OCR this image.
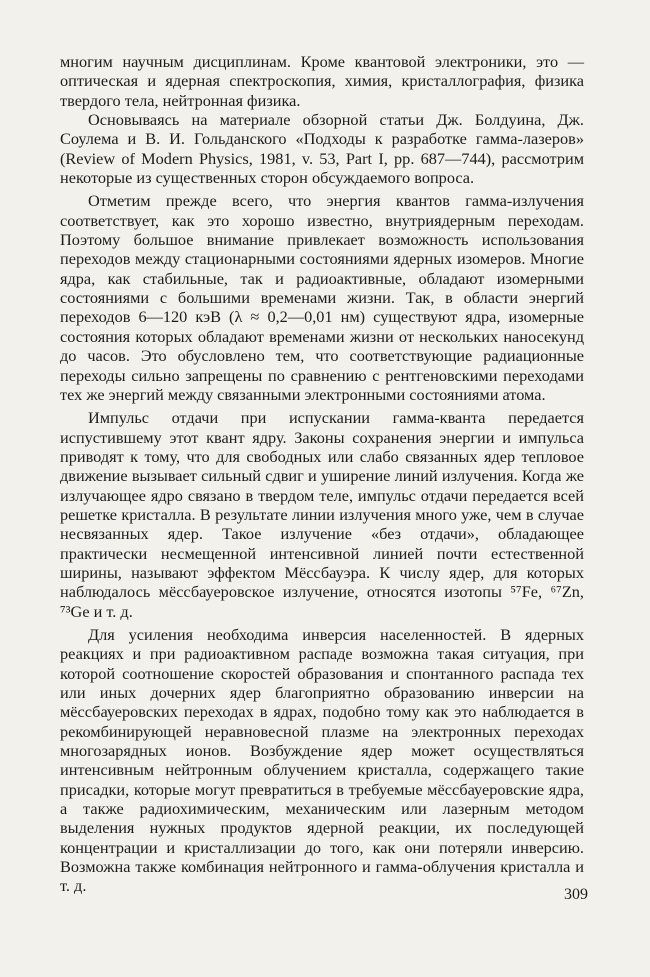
многим научным дисциплинам. Кроме квантовой электроники, это — оптическая и ядерная спектроскопия, химия, кристаллография, физика твердого тела, нейтронная физика.

Основываясь на материале обзорной статьи Дж. Болдуина, Дж. Соулема и В. И. Гольданского «Подходы к разработке гамма-лазеров» (Review of Modern Physics, 1981, v. 53, Part I, pp. 687—744), рассмотрим некоторые из существенных сторон обсуждаемого вопроса.

Отметим прежде всего, что энергия квантов гамма-излучения соответствует, как это хорошо известно, внутриядерным переходам. Поэтому большое внимание привлекает возможность использования переходов между стационарными состояниями ядерных изомеров. Многие ядра, как стабильные, так и радиоактивные, обладают изомерными состояниями с большими временами жизни. Так, в области энергий переходов 6—120 кэВ (λ ≈ 0,2—0,01 нм) существуют ядра, изомерные состояния которых обладают временами жизни от нескольких наносекунд до часов. Это обусловлено тем, что соответствующие радиационные переходы сильно запрещены по сравнению с рентгеновскими переходами тех же энергий между связанными электронными состояниями атома.

Импульс отдачи при испускании гамма-кванта передается испустившему этот квант ядру. Законы сохранения энергии и импульса приводят к тому, что для свободных или слабо связанных ядер тепловое движение вызывает сильный сдвиг и уширение линий излучения. Когда же излучающее ядро связано в твердом теле, импульс отдачи передается всей решетке кристалла. В результате линии излучения много уже, чем в случае несвязанных ядер. Такое излучение «без отдачи», обладающее практически несмещенной интенсивной линией почти естественной ширины, называют эффектом Мёссбауэра. К числу ядер, для которых наблюдалось мёссбауеровское излучение, относятся изотопы ⁵⁷Fe, ⁶⁷Zn, ⁷³Ge и т. д.

Для усиления необходима инверсия населенностей. В ядерных реакциях и при радиоактивном распаде возможна такая ситуация, при которой соотношение скоростей образования и спонтанного распада тех или иных дочерних ядер благоприятно образованию инверсии на мёссбауеровских переходах в ядрах, подобно тому как это наблюдается в рекомбинирующей неравновесной плазме на электронных переходах многозарядных ионов. Возбуждение ядер может осуществляться интенсивным нейтронным облучением кристалла, содержащего такие присадки, которые могут превратиться в требуемые мёссбауеровские ядра, а также радиохимическим, механическим или лазерным методом выделения нужных продуктов ядерной реакции, их последующей концентрации и кристаллизации до того, как они потеряли инверсию. Возможна также комбинация нейтронного и гамма-облучения кристалла и т. д.	309
